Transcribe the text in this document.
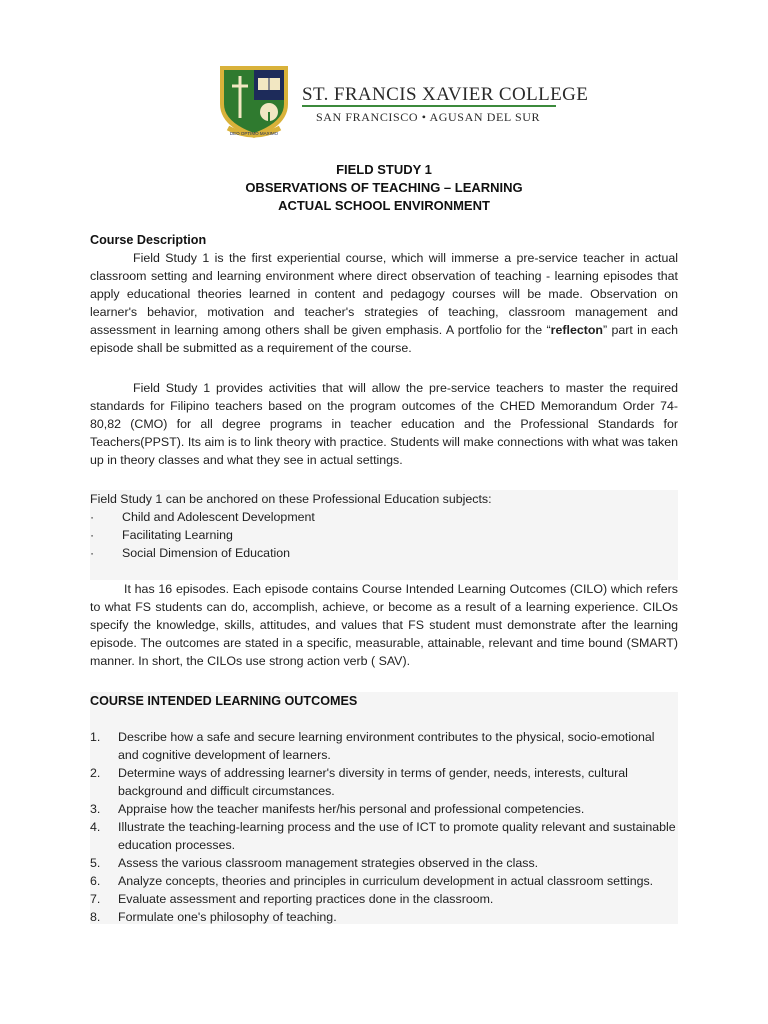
DEO OPTIMO MAXIMO
ST. FRANCIS XAVIER COLLEGE
SAN FRANCISCO • AGUSAN DEL SUR
FIELD STUDY 1
OBSERVATIONS OF TEACHING – LEARNING
ACTUAL SCHOOL ENVIRONMENT
Course Description
Field Study 1 is the first experiential course, which will immerse a pre-service teacher in actual classroom setting and learning environment where direct observation of teaching - learning episodes that apply educational theories learned in content and pedagogy courses will be made. Observation on learner's behavior, motivation and teacher's strategies of teaching, classroom management and assessment in learning among others shall be given emphasis. A portfolio for the “reflecton” part in each episode shall be submitted as a requirement of the course.
Field Study 1 provides activities that will allow the pre-service teachers to master the required standards for Filipino teachers based on the program outcomes of the CHED Memorandum Order 74-80,82 (CMO) for all degree programs in teacher education and the Professional Standards for Teachers(PPST). Its aim is to link theory with practice. Students will make connections with what was taken up in theory classes and what they see in actual settings.
Field Study 1 can be anchored on these Professional Education subjects:
· Child and Adolescent Development
· Facilitating Learning
· Social Dimension of Education
It has 16 episodes. Each episode contains Course Intended Learning Outcomes (CILO) which refers to what FS students can do, accomplish, achieve, or become as a result of a learning experience. CILOs specify the knowledge, skills, attitudes, and values that FS student must demonstrate after the learning episode. The outcomes are stated in a specific, measurable, attainable, relevant and time bound (SMART) manner. In short, the CILOs use strong action verb ( SAV).
COURSE INTENDED LEARNING OUTCOMES
1. Describe how a safe and secure learning environment contributes to the physical, socio-emotional and cognitive development of learners.
2. Determine ways of addressing learner's diversity in terms of gender, needs, interests, cultural background and difficult circumstances.
3. Appraise how the teacher manifests her/his personal and professional competencies.
4. Illustrate the teaching-learning process and the use of ICT to promote quality relevant and sustainable education processes.
5. Assess the various classroom management strategies observed in the class.
6. Analyze concepts, theories and principles in curriculum development in actual classroom settings.
7. Evaluate assessment and reporting practices done in the classroom.
8. Formulate one's philosophy of teaching.
